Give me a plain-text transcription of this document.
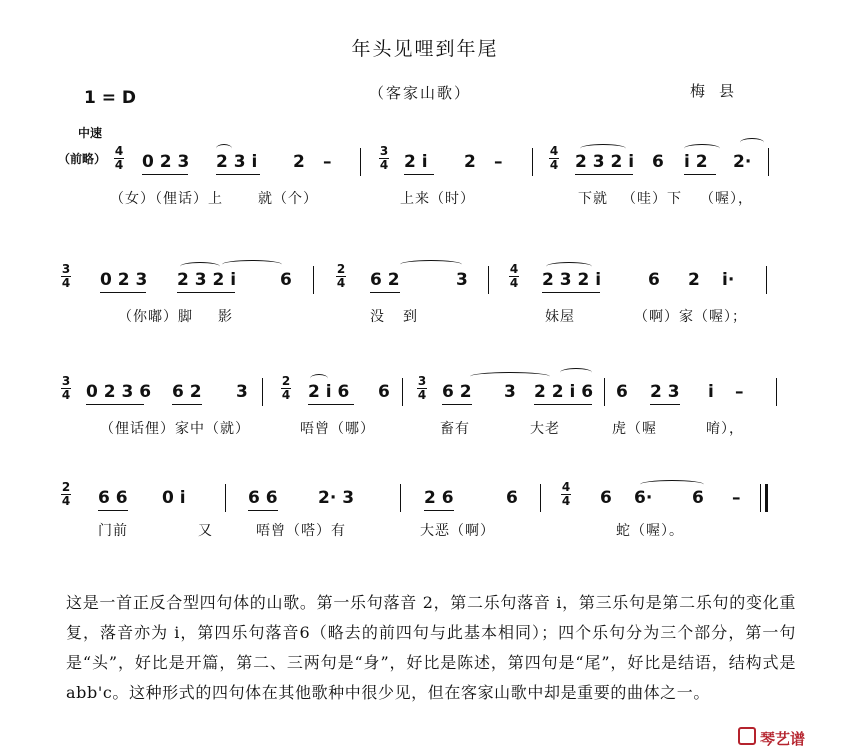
年头见哩到年尾
1 = D	（客家山歌）	梅县
中速
（前略）
4
4 0 2 3 2 3 i 2 –
3
4 2 i 2 –
4
4 2 3 2 i 6 i 2 2·
（女）（俚话）上	就（个）	上来（时）	下就 （哇）下 （喔），
3
4 0 2 3 2 3 2 i	6
2
4 6 2	3
4
4 2 3 2 i	6 2 i·
（你嘟）脚 影	没 到	妹屋	（啊）家（喔）；
3
4 0 2 3 6 6 2 3
2
4 2 i 6 6
3
4 6 2 3 2 2 i 6 6 2 3 i –
（俚话俚）家中（就）	唔曾（哪）	畜有	大老	虎（喔	唷），
2
4 6 6 0 i	6 6 2· 3	2 6	6
4
4 6 6· 6 –
门前	又	唔曾（嗒）有	大恶（啊）	蛇（喔）。
这是一首正反合型四句体的山歌。第一乐句落音 2，第二乐句落音 i，第三乐句是第二乐句的变化重复，落音亦为 i，第四乐句落音6（略去的前四句与此基本相同）；四个乐句分为三个部分，第一句是“头”，好比是开篇，第二、三两句是“身”，好比是陈述，第四句是“尾”，好比是结语，结构式是 abb'c。这种形式的四句体在其他歌种中很少见，但在客家山歌中却是重要的曲体之一。
琴艺谱
